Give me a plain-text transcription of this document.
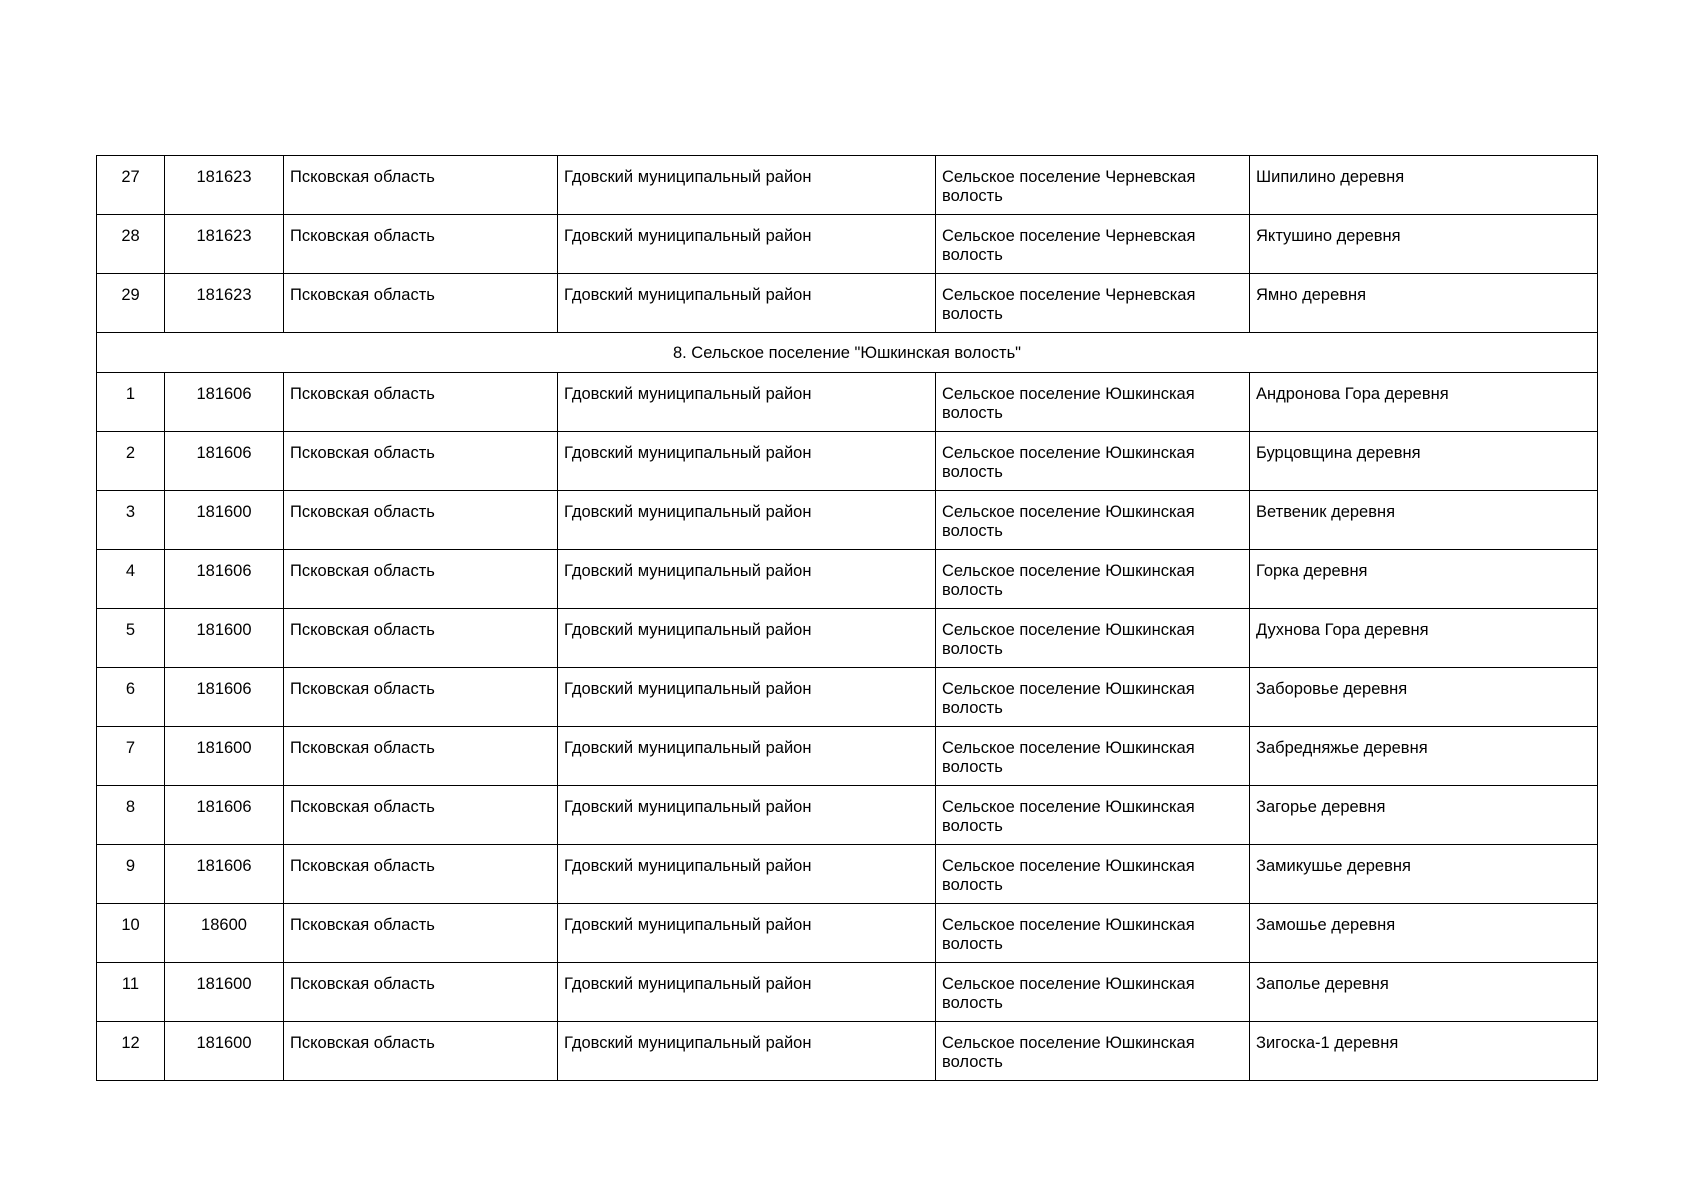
27	181623	Псковская область	Гдовский муниципальный район	Сельское поселение Черневская волость	Шипилино деревня
28	181623	Псковская область	Гдовский муниципальный район	Сельское поселение Черневская волость	Яктушино деревня
29	181623	Псковская область	Гдовский муниципальный район	Сельское поселение Черневская волость	Ямно деревня
8. Сельское поселение "Юшкинская волость"					
1	181606	Псковская область	Гдовский муниципальный район	Сельское поселение Юшкинская волость	Андронова Гора деревня
2	181606	Псковская область	Гдовский муниципальный район	Сельское поселение Юшкинская волость	Бурцовщина деревня
3	181600	Псковская область	Гдовский муниципальный район	Сельское поселение Юшкинская волость	Ветвеник деревня
4	181606	Псковская область	Гдовский муниципальный район	Сельское поселение Юшкинская волость	Горка деревня
5	181600	Псковская область	Гдовский муниципальный район	Сельское поселение Юшкинская волость	Духнова Гора деревня
6	181606	Псковская область	Гдовский муниципальный район	Сельское поселение Юшкинская волость	Заборовье деревня
7	181600	Псковская область	Гдовский муниципальный район	Сельское поселение Юшкинская волость	Забредняжье деревня
8	181606	Псковская область	Гдовский муниципальный район	Сельское поселение Юшкинская волость	Загорье деревня
9	181606	Псковская область	Гдовский муниципальный район	Сельское поселение Юшкинская волость	Замикушье деревня
10	18600	Псковская область	Гдовский муниципальный район	Сельское поселение Юшкинская волость	Замошье деревня
11	181600	Псковская область	Гдовский муниципальный район	Сельское поселение Юшкинская волость	Заполье деревня
12	181600	Псковская область	Гдовский муниципальный район	Сельское поселение Юшкинская волость	Зигоска-1 деревня
